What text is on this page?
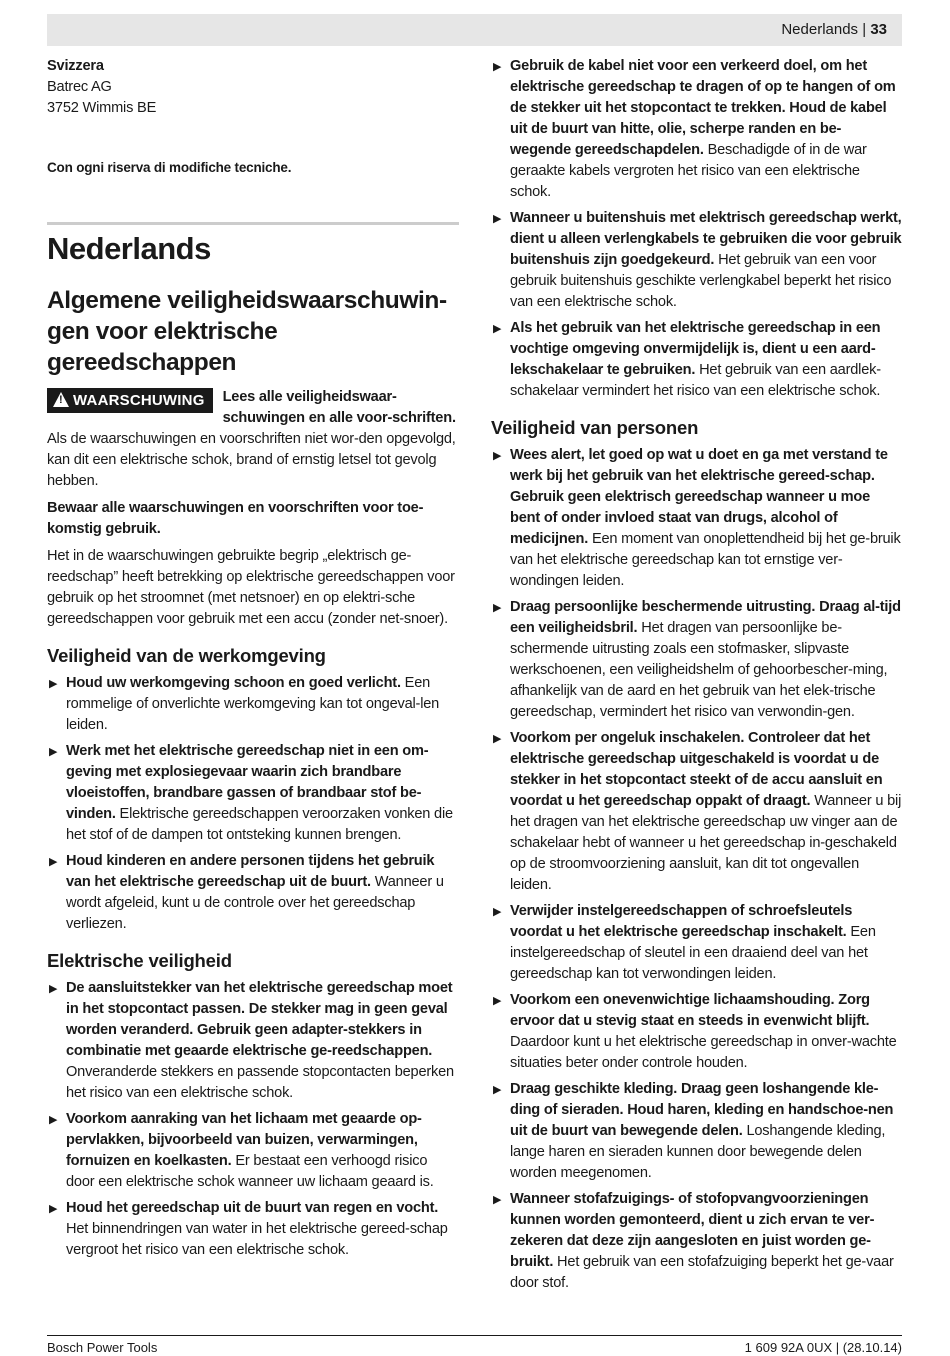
Nederlands | 33

Svizzera

Batrec AG

3752 Wimmis BE

Con ogni riserva di modifiche tecniche.

Nederlands
Algemene veiligheidswaarschuwin-gen voor elektrische gereedschappen
! WAARSCHUWING	Lees alle veiligheidswaar-schuwingen en alle voor-schriften. Als de waarschuwingen en voorschriften niet wor-den opgevolgd, kan dit een elektrische schok, brand of ernstig letsel tot gevolg hebben.

Bewaar alle waarschuwingen en voorschriften voor toe-komstig gebruik.

Het in de waarschuwingen gebruikte begrip „elektrisch ge-reedschap” heeft betrekking op elektrische gereedschappen voor gebruik op het stroomnet (met netsnoer) en op elektri-sche gereedschappen voor gebruik met een accu (zonder net-snoer).

Veiligheid van de werkomgeving
▶ Houd uw werkomgeving schoon en goed verlicht. Een rommelige of onverlichte werkomgeving kan tot ongeval-len leiden.
▶ Werk met het elektrische gereedschap niet in een om-geving met explosiegevaar waarin zich brandbare vloeistoffen, brandbare gassen of brandbaar stof be-vinden. Elektrische gereedschappen veroorzaken vonken die het stof of de dampen tot ontsteking kunnen brengen.
▶ Houd kinderen en andere personen tijdens het gebruik van het elektrische gereedschap uit de buurt. Wanneer u wordt afgeleid, kunt u de controle over het gereedschap verliezen.
Elektrische veiligheid
▶ De aansluitstekker van het elektrische gereedschap moet in het stopcontact passen. De stekker mag in geen geval worden veranderd. Gebruik geen adapter-stekkers in combinatie met geaarde elektrische ge-reedschappen. Onveranderde stekkers en passende stopcontacten beperken het risico van een elektrische schok.
▶ Voorkom aanraking van het lichaam met geaarde op-pervlakken, bijvoorbeeld van buizen, verwarmingen, fornuizen en koelkasten. Er bestaat een verhoogd risico door een elektrische schok wanneer uw lichaam geaard is.
▶ Houd het gereedschap uit de buurt van regen en vocht. Het binnendringen van water in het elektrische gereed-schap vergroot het risico van een elektrische schok.
▶ Gebruik de kabel niet voor een verkeerd doel, om het elektrische gereedschap te dragen of op te hangen of om de stekker uit het stopcontact te trekken. Houd de kabel uit de buurt van hitte, olie, scherpe randen en be-wegende gereedschapdelen. Beschadigde of in de war geraakte kabels vergroten het risico van een elektrische schok.
▶ Wanneer u buitenshuis met elektrisch gereedschap werkt, dient u alleen verlengkabels te gebruiken die voor gebruik buitenshuis zijn goedgekeurd. Het gebruik van een voor gebruik buitenshuis geschikte verlengkabel beperkt het risico van een elektrische schok.
▶ Als het gebruik van het elektrische gereedschap in een vochtige omgeving onvermijdelijk is, dient u een aard-lekschakelaar te gebruiken. Het gebruik van een aardlek-schakelaar vermindert het risico van een elektrische schok.
Veiligheid van personen
▶ Wees alert, let goed op wat u doet en ga met verstand te werk bij het gebruik van het elektrische gereed-schap. Gebruik geen elektrisch gereedschap wanneer u moe bent of onder invloed staat van drugs, alcohol of medicijnen. Een moment van onoplettendheid bij het ge-bruik van het elektrische gereedschap kan tot ernstige ver-wondingen leiden.
▶ Draag persoonlijke beschermende uitrusting. Draag al-tijd een veiligheidsbril. Het dragen van persoonlijke be-schermende uitrusting zoals een stofmasker, slipvaste werkschoenen, een veiligheidshelm of gehoorbescher-ming, afhankelijk van de aard en het gebruik van het elek-trische gereedschap, vermindert het risico van verwondin-gen.
▶ Voorkom per ongeluk inschakelen. Controleer dat het elektrische gereedschap uitgeschakeld is voordat u de stekker in het stopcontact steekt of de accu aansluit en voordat u het gereedschap oppakt of draagt. Wanneer u bij het dragen van het elektrische gereedschap uw vinger aan de schakelaar hebt of wanneer u het gereedschap in-geschakeld op de stroomvoorziening aansluit, kan dit tot ongevallen leiden.
▶ Verwijder instelgereedschappen of schroefsleutels voordat u het elektrische gereedschap inschakelt. Een instelgereedschap of sleutel in een draaiend deel van het gereedschap kan tot verwondingen leiden.
▶ Voorkom een onevenwichtige lichaamshouding. Zorg ervoor dat u stevig staat en steeds in evenwicht blijft. Daardoor kunt u het elektrische gereedschap in onver-wachte situaties beter onder controle houden.
▶ Draag geschikte kleding. Draag geen loshangende kle-ding of sieraden. Houd haren, kleding en handschoe-nen uit de buurt van bewegende delen. Loshangende kleding, lange haren en sieraden kunnen door bewegende delen worden meegenomen.
▶ Wanneer stofafzuigings- of stofopvangvoorzieningen kunnen worden gemonteerd, dient u zich ervan te ver-zekeren dat deze zijn aangesloten en juist worden ge-bruikt. Het gebruik van een stofafzuiging beperkt het ge-vaar door stof.
Bosch Power Tools	1 609 92A 0UX | (28.10.14)
